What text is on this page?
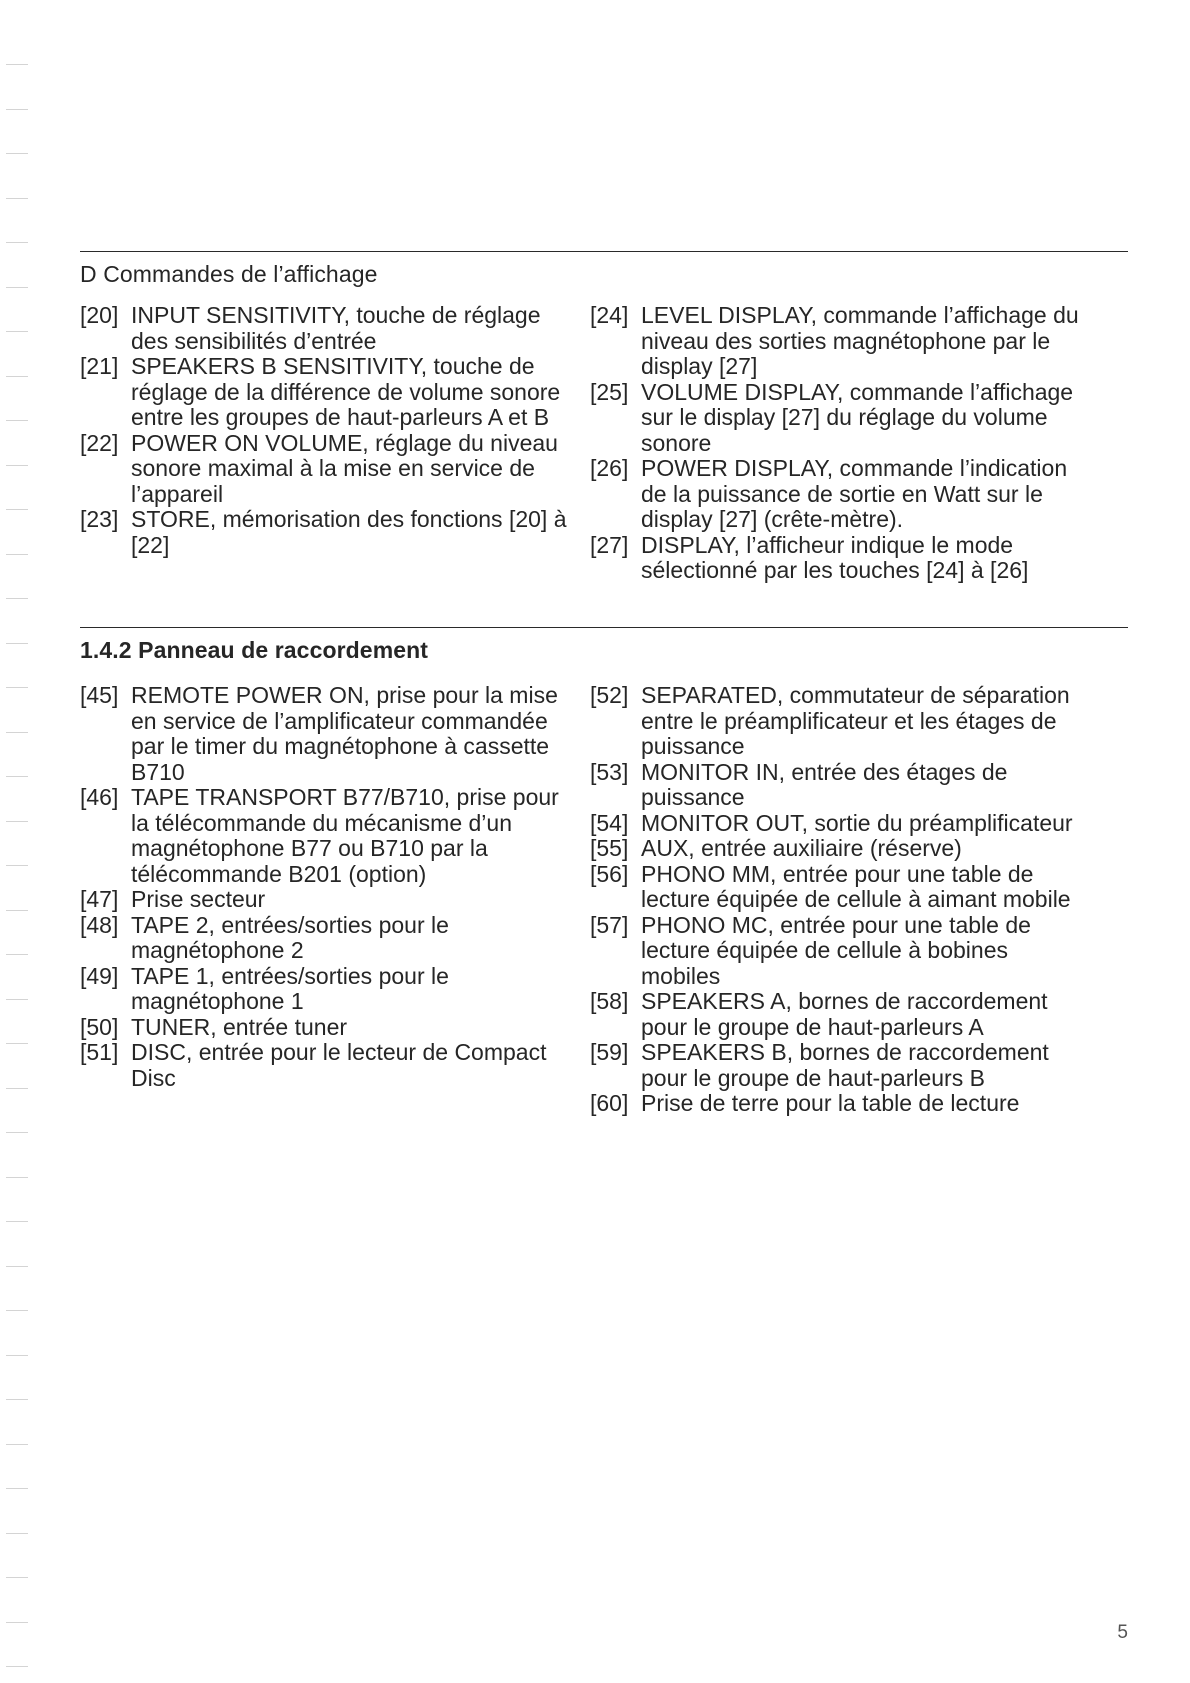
D Commandes de l’affichage
[20] INPUT SENSITIVITY, touche de réglage des sensibilités d’entrée
[21] SPEAKERS B SENSITIVITY, touche de réglage de la différence de volume sonore entre les groupes de haut-parleurs A et B
[22] POWER ON VOLUME, réglage du niveau sonore maximal à la mise en service de l’appareil
[23] STORE, mémorisation des fonctions [20] à [22]
[24] LEVEL DISPLAY, commande l’affichage du niveau des sorties magnétophone par le display [27]
[25] VOLUME DISPLAY, commande l’affichage sur le display [27] du réglage du volume sonore
[26] POWER DISPLAY, commande l’indication de la puissance de sortie en Watt sur le display [27] (crête-mètre).
[27] DISPLAY, l’afficheur indique le mode sélectionné par les touches [24] à [26]
1.4.2 Panneau de raccordement
[45] REMOTE POWER ON, prise pour la mise en service de l’amplificateur commandée par le timer du magnétophone à cassette B710
[46] TAPE TRANSPORT B77/B710, prise pour la télécommande du mécanisme d’un magnétophone B77 ou B710 par la télécommande B201 (option)
[47] Prise secteur
[48] TAPE 2, entrées/sorties pour le magnétophone 2
[49] TAPE 1, entrées/sorties pour le magnétophone 1
[50] TUNER, entrée tuner
[51] DISC, entrée pour le lecteur de Compact Disc
[52] SEPARATED, commutateur de séparation entre le préamplificateur et les étages de puissance
[53] MONITOR IN, entrée des étages de puissance
[54] MONITOR OUT, sortie du préamplificateur
[55] AUX, entrée auxiliaire (réserve)
[56] PHONO MM, entrée pour une table de lecture équipée de cellule à aimant mobile
[57] PHONO MC, entrée pour une table de lecture équipée de cellule à bobines mobiles
[58] SPEAKERS A, bornes de raccordement pour le groupe de haut-parleurs A
[59] SPEAKERS B, bornes de raccordement pour le groupe de haut-parleurs B
[60] Prise de terre pour la table de lecture
5
